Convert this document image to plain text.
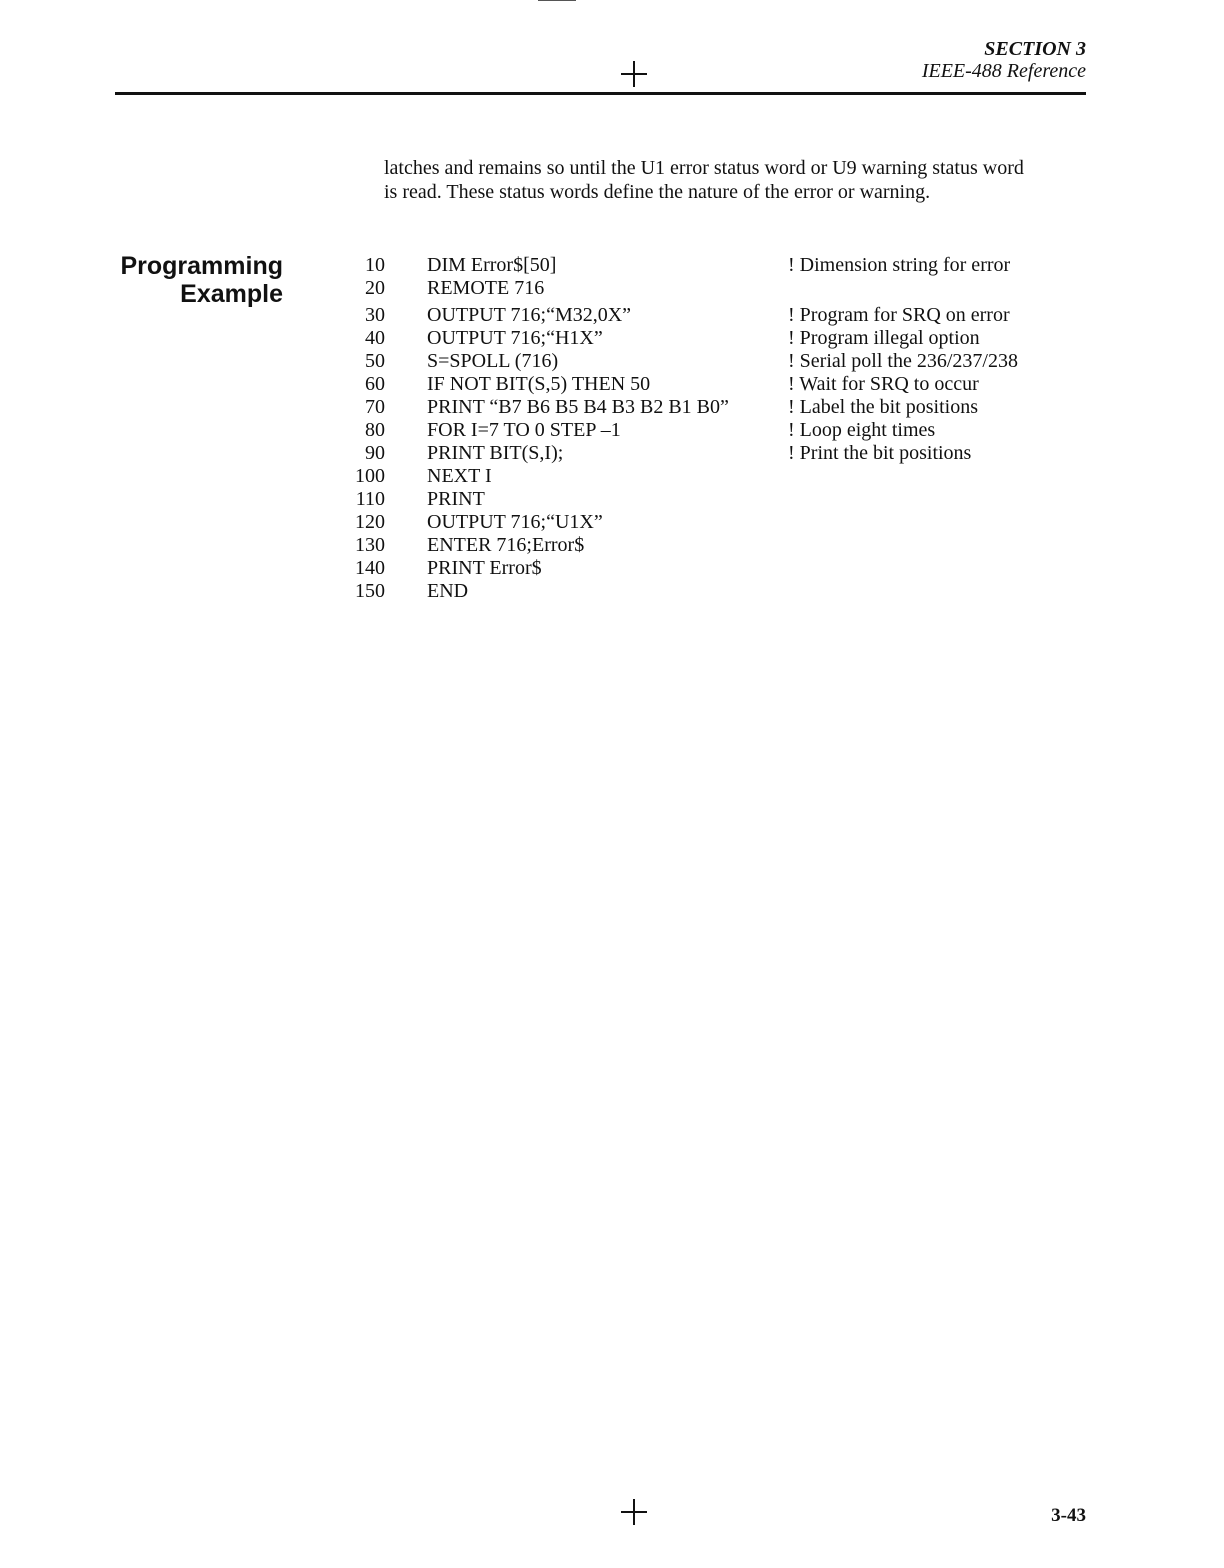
SECTION 3
IEEE-488 Reference

latches and remains so until the U1 error status word or U9 warning status word

is read. These status words define the nature of the error or warning.

Programming
Example
10 DIM Error$[50]	! Dimension string for error
20 REMOTE 716
30 OUTPUT 716;“M32,0X”	! Program for SRQ on error
40 OUTPUT 716;“H1X”	! Program illegal option
50 S=SPOLL (716)	! Serial poll the 236/237/238
60 IF NOT BIT(S,5) THEN 50	! Wait for SRQ to occur
70 PRINT “B7 B6 B5 B4 B3 B2 B1 B0”	! Label the bit positions
80 FOR I=7 TO 0 STEP –1	! Loop eight times
90 PRINT BIT(S,I);	! Print the bit positions
100 NEXT I
110 PRINT
120 OUTPUT 716;“U1X”
130 ENTER 716;Error$
140 PRINT Error$
150 END
3-43
